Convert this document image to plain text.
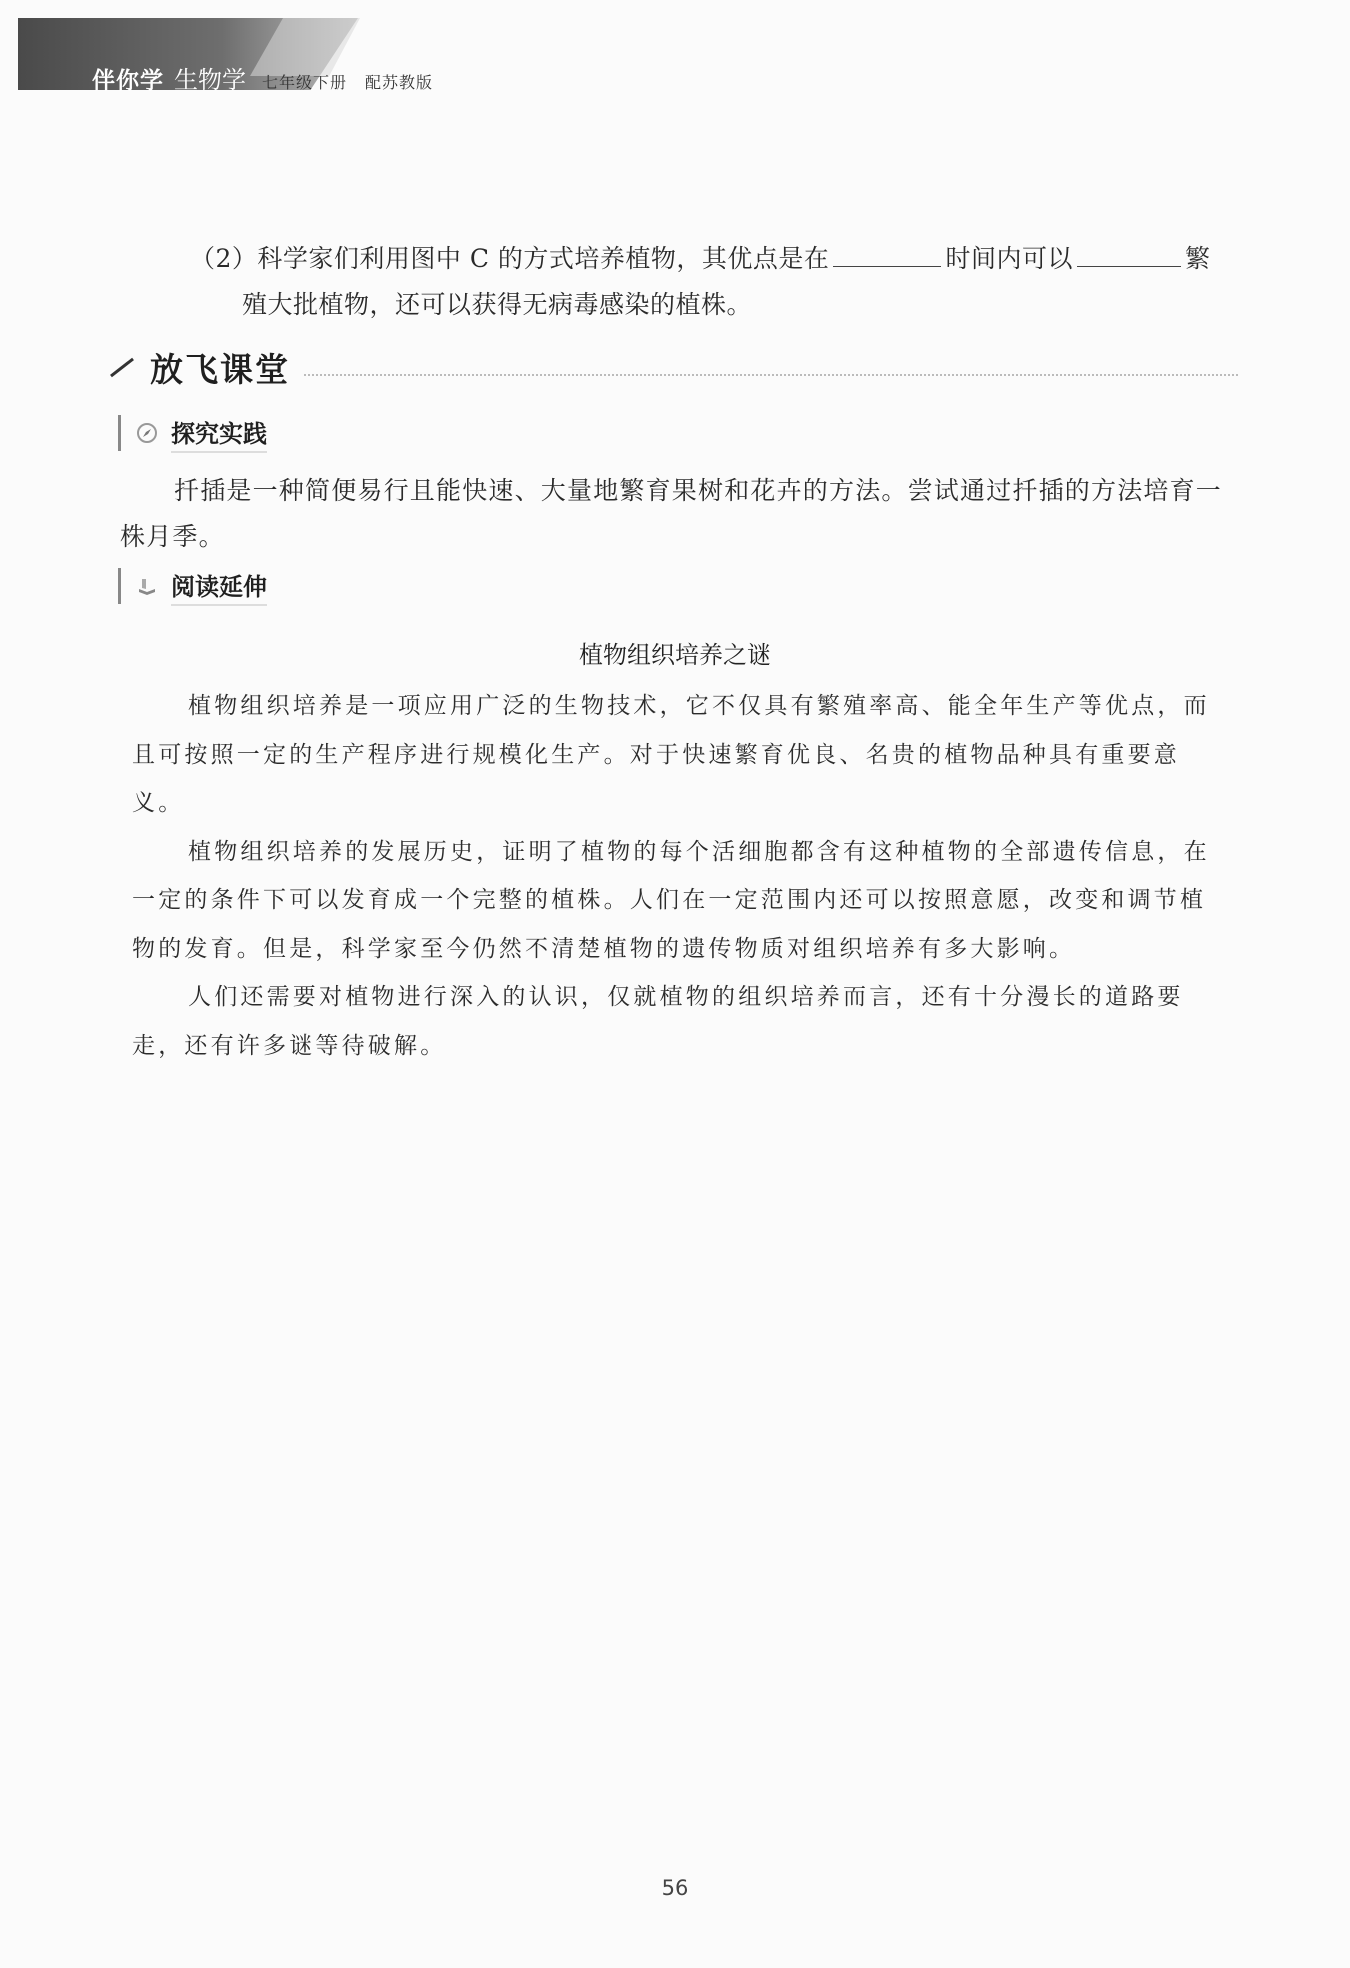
伴你学 生物学 七年级下册 配苏教版
（2）科学家们利用图中 C 的方式培养植物，其优点是在	时间内可以	繁
殖大批植物，还可以获得无病毒感染的植株。
放飞课堂
探究实践
扦插是一种简便易行且能快速、大量地繁育果树和花卉的方法。尝试通过扦插的方法培育一株月季。
阅读延伸
植物组织培养之谜

植物组织培养是一项应用广泛的生物技术，它不仅具有繁殖率高、能全年生产等优点，而且可按照一定的生产程序进行规模化生产。对于快速繁育优良、名贵的植物品种具有重要意义。

植物组织培养的发展历史，证明了植物的每个活细胞都含有这种植物的全部遗传信息，在一定的条件下可以发育成一个完整的植株。人们在一定范围内还可以按照意愿，改变和调节植物的发育。但是，科学家至今仍然不清楚植物的遗传物质对组织培养有多大影响。

人们还需要对植物进行深入的认识，仅就植物的组织培养而言，还有十分漫长的道路要走，还有许多谜等待破解。

56
